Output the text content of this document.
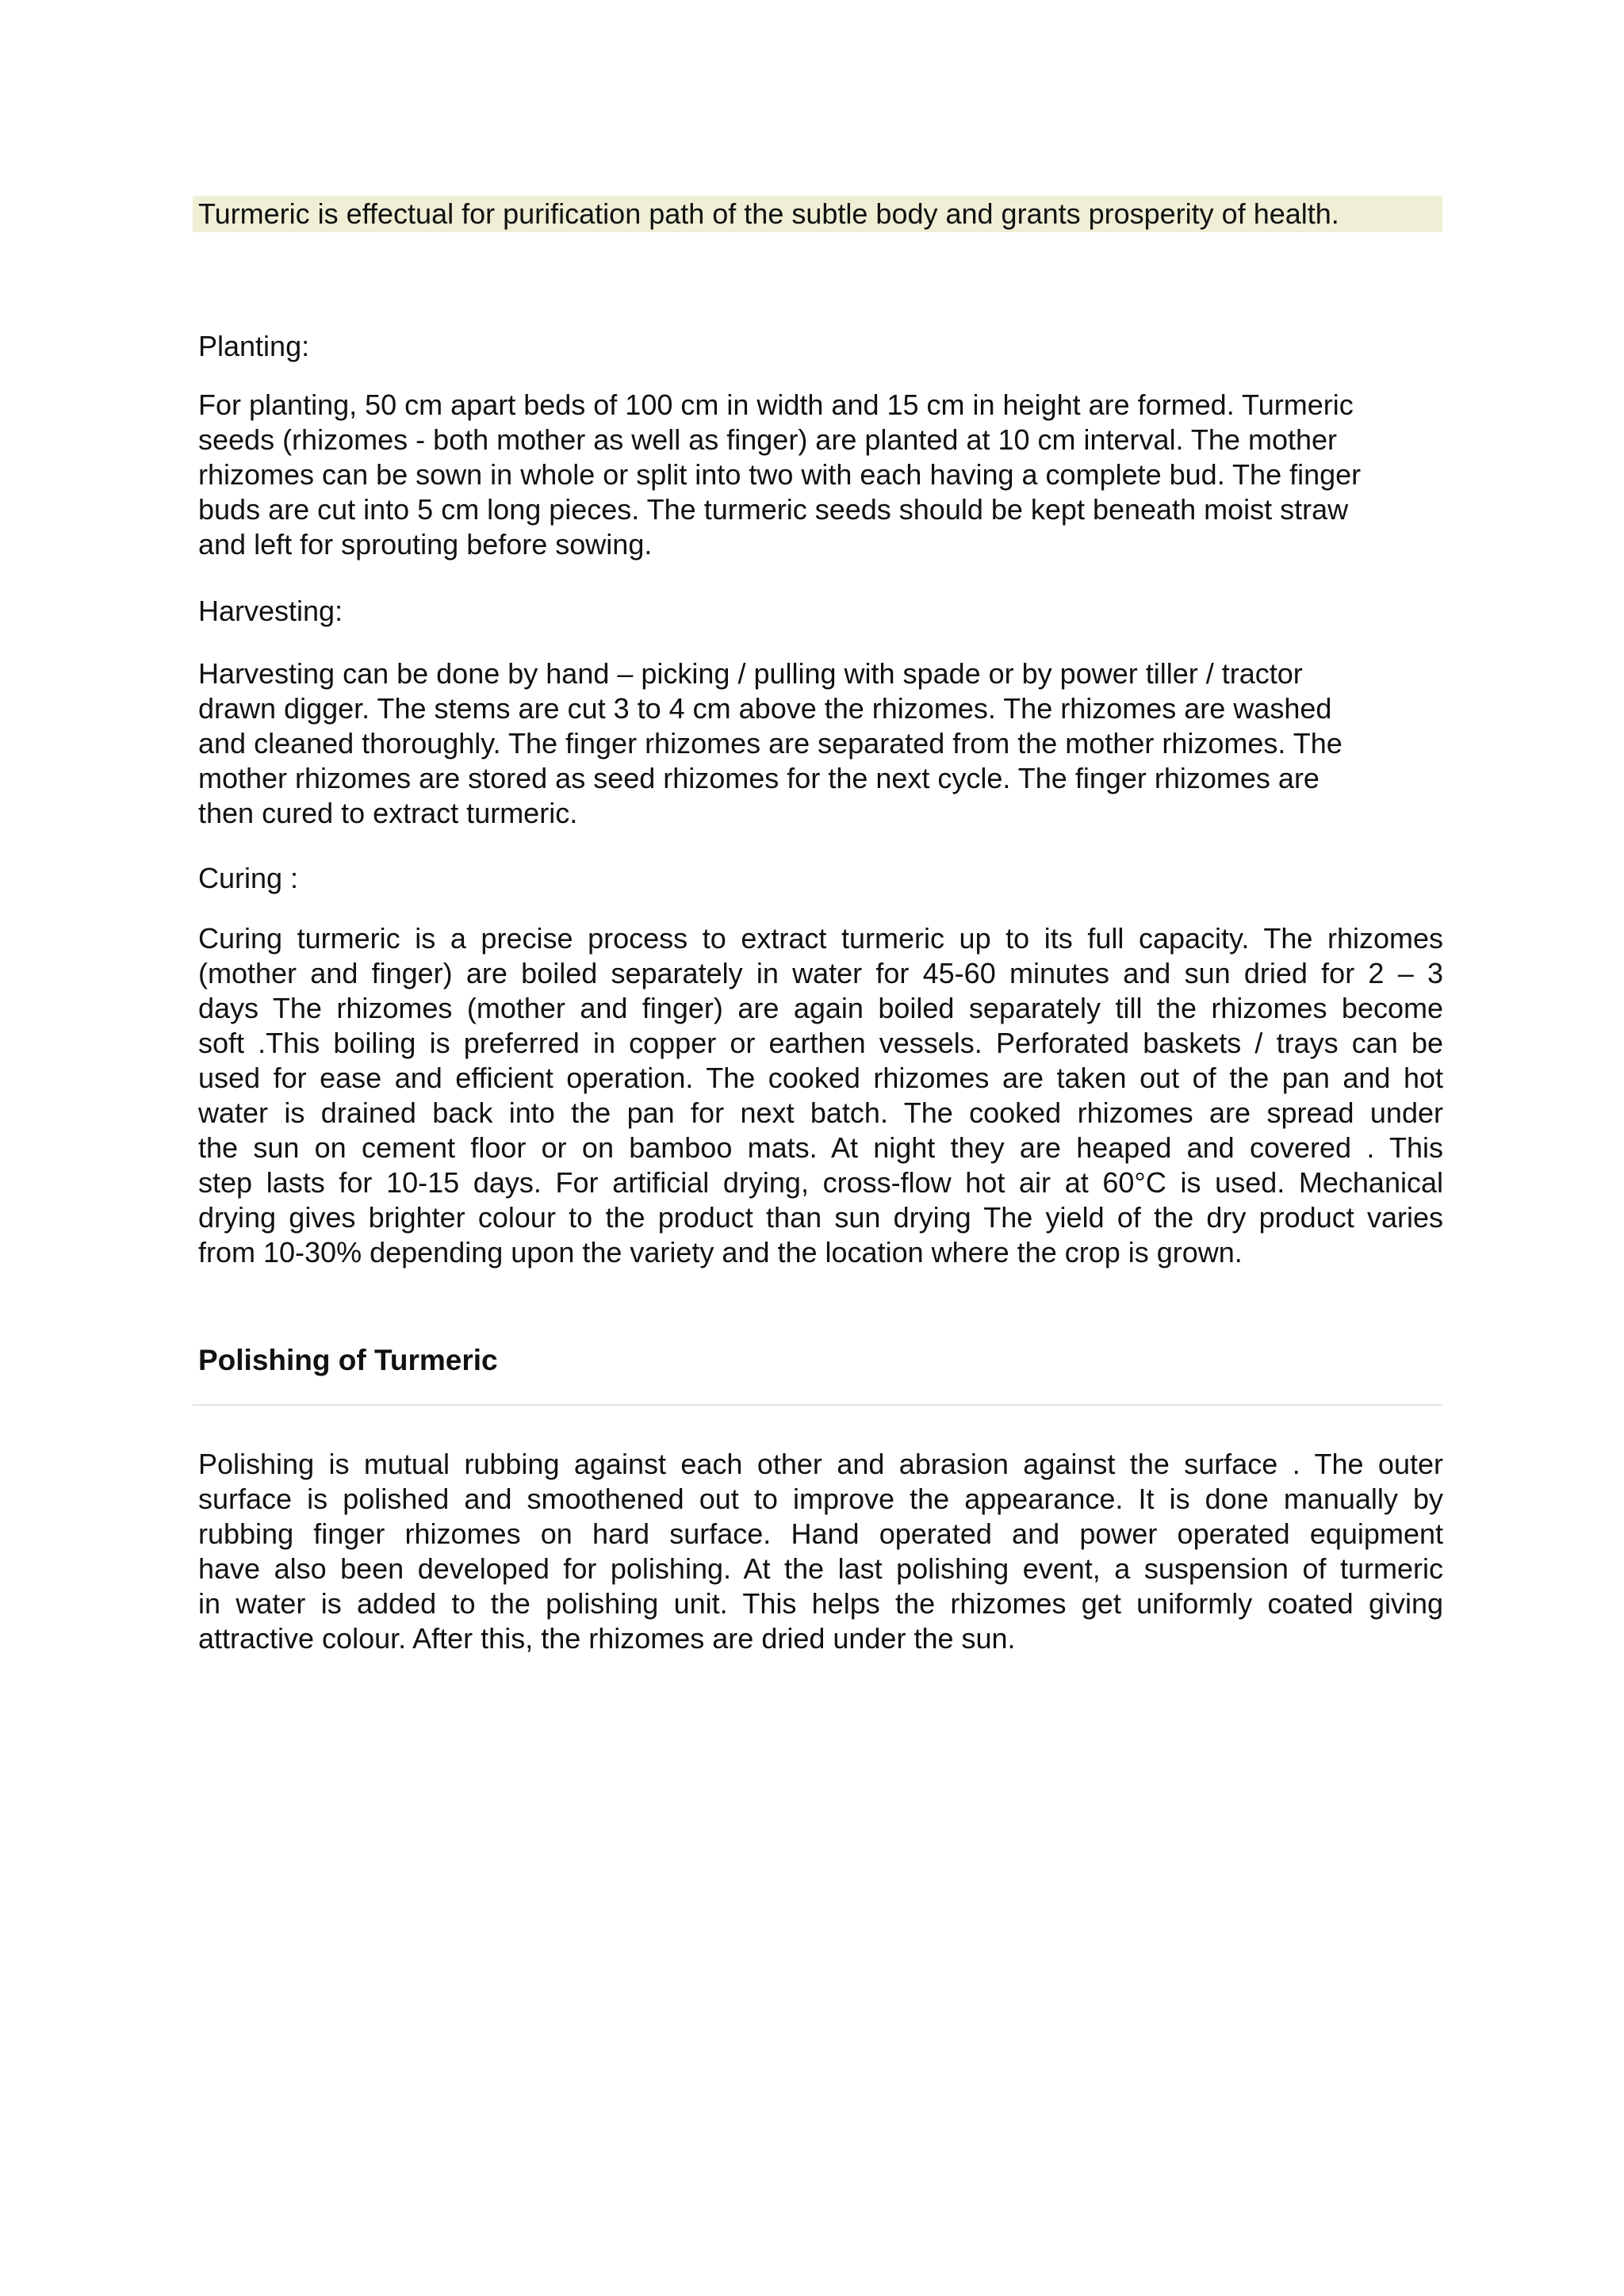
Turmeric is effectual for purification path of the subtle body and grants prosperity of health.
Planting:
For planting, 50 cm apart beds of 100 cm in width and 15 cm in height are formed. Turmeric
seeds (rhizomes - both mother as well as finger) are planted at 10 cm interval. The mother
rhizomes can be sown in whole or split into two with each having a complete bud. The finger
buds are cut into 5 cm long pieces. The turmeric seeds should be kept beneath moist straw
and left for sprouting before sowing.
Harvesting:
Harvesting can be done by hand – picking / pulling with spade or by power tiller / tractor
drawn digger. The stems are cut 3 to 4 cm above the rhizomes. The rhizomes are washed
and cleaned thoroughly. The finger rhizomes are separated from the mother rhizomes. The
mother rhizomes are stored as seed rhizomes for the next cycle. The finger rhizomes are
then cured to extract turmeric.
Curing :
Curing turmeric is a precise process to extract turmeric up to its full capacity. The rhizomes
(mother and finger) are boiled separately in water for 45-60 minutes and sun dried for 2 – 3
days The rhizomes (mother and finger) are again boiled separately till the rhizomes become
soft .This boiling is preferred in copper or earthen vessels. Perforated baskets / trays can be
used for ease and efficient operation. The cooked rhizomes are taken out of the pan and hot
water is drained back into the pan for next batch. The cooked rhizomes are spread under
the sun on cement floor or on bamboo mats. At night they are heaped and covered . This
step lasts for 10-15 days. For artificial drying, cross-flow hot air at 60°C is used. Mechanical
drying gives brighter colour to the product than sun drying The yield of the dry product varies
from 10-30% depending upon the variety and the location where the crop is grown.
Polishing of Turmeric
Polishing is mutual rubbing against each other and abrasion against the surface . The outer
surface is polished and smoothened out to improve the appearance. It is done manually by
rubbing finger rhizomes on hard surface. Hand operated and power operated equipment
have also been developed for polishing. At the last polishing event, a suspension of turmeric
in water is added to the polishing unit. This helps the rhizomes get uniformly coated giving
attractive colour. After this, the rhizomes are dried under the sun.
